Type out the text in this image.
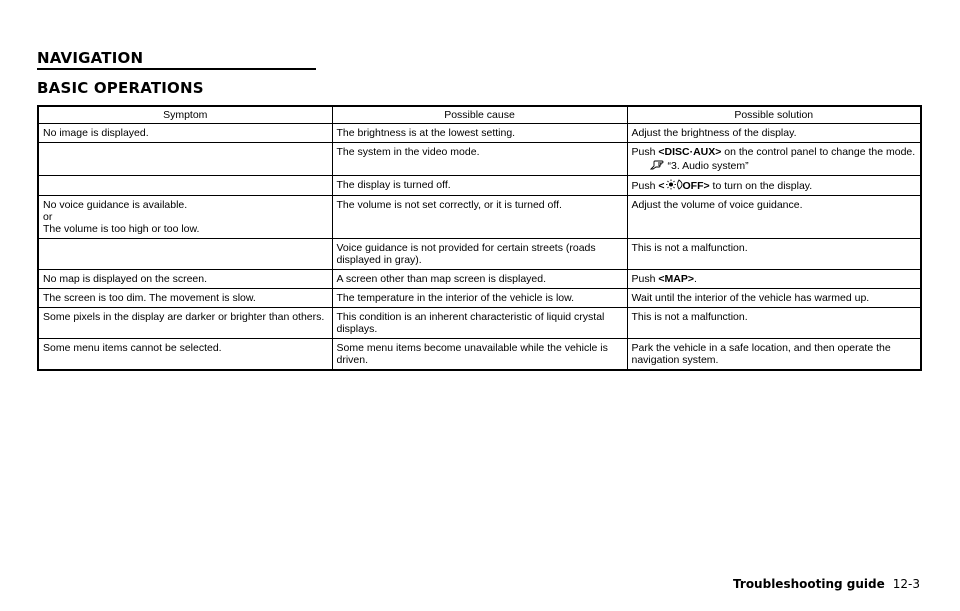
NAVIGATION
BASIC OPERATIONS
Symptom	Possible cause	Possible solution
No image is displayed.	The brightness is at the lowest setting.	Adjust the brightness of the display.
	The system in the video mode.	Push <DISC·AUX> on the control panel to change the mode.
“3. Audio system”

	The display is turned off.	Push < OFF> to turn on the display.

No voice guidance is available.
or
The volume is too high or too low.	The volume is not set correctly, or it is turned off.	Adjust the volume of voice guidance.
	Voice guidance is not provided for certain streets (roads displayed in gray).	This is not a malfunction.
No map is displayed on the screen.	A screen other than map screen is displayed.	Push <MAP>.
The screen is too dim. The movement is slow.	The temperature in the interior of the vehicle is low.	Wait until the interior of the vehicle has warmed up.
Some pixels in the display are darker or brighter than others.	This condition is an inherent characteristic of liquid crystal displays.	This is not a malfunction.
Some menu items cannot be selected.	Some menu items become unavailable while the vehicle is driven.	Park the vehicle in a safe location, and then operate the navigation system.
Troubleshooting guide 12-3
